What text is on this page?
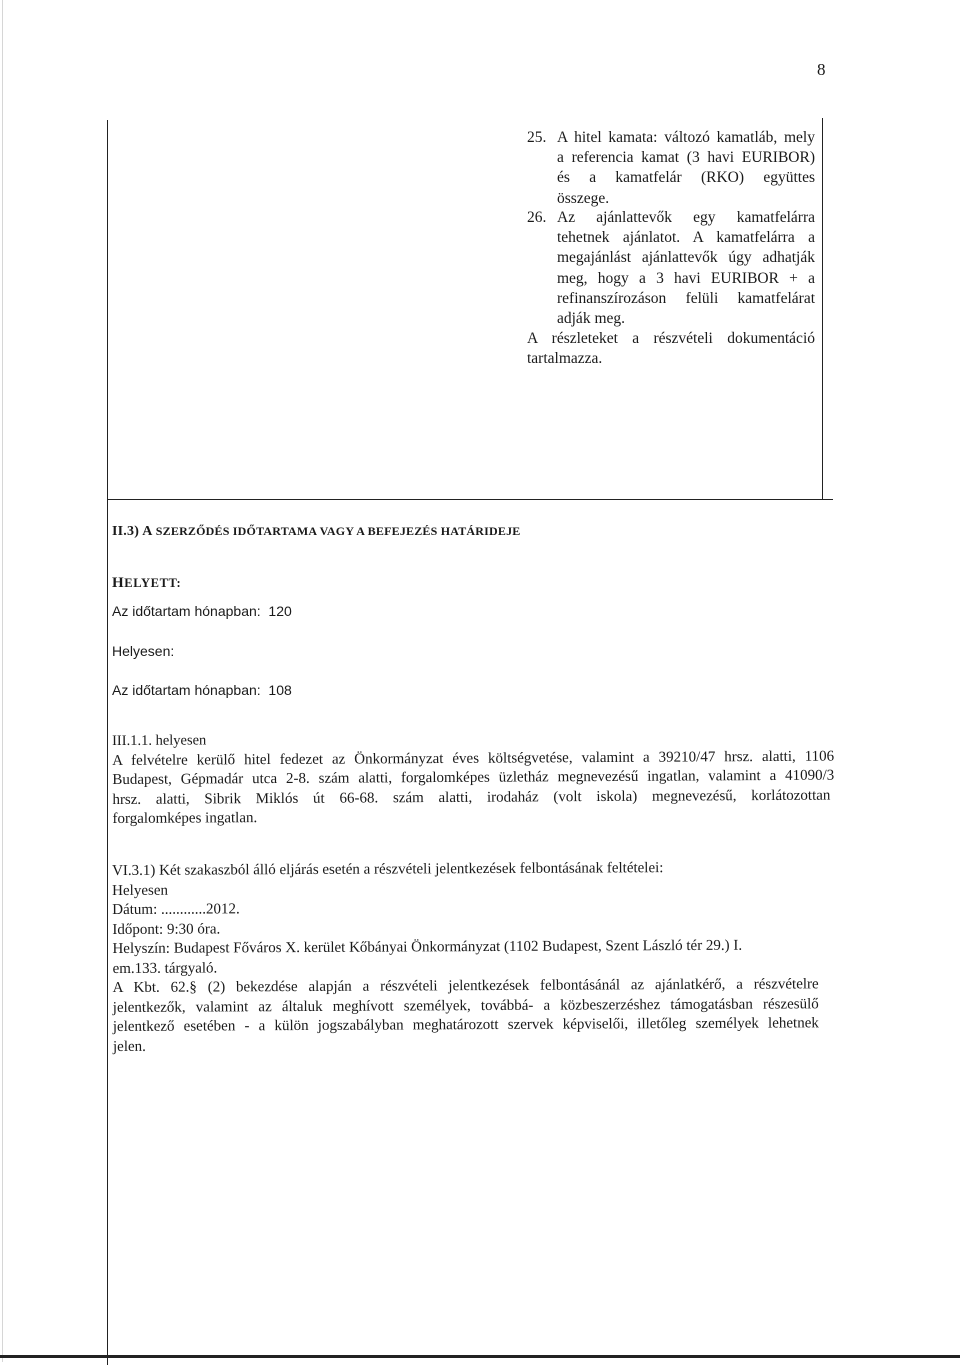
8
25. A hitel kamata: változó kamatláb, mely
a referencia kamat (3 havi EURIBOR)
és a kamatfelár (RKO) együttes
összege.
26. Az ajánlattevők egy kamatfelárra
tehetnek ajánlatot. A kamatfelárra a
megajánlást ajánlattevők úgy adhatják
meg, hogy a 3 havi EURIBOR + a
refinanszírozáson felüli kamatfelárat
adják meg.
A részleteket a részvételi dokumentáció
tartalmazza.
II.3) A SZERZŐDÉS IDŐTARTAMA VAGY A BEFEJEZÉS HATÁRIDEJE
HELYETT:
Az időtartam hónapban:  120
Helyesen:
Az időtartam hónapban:  108
III.1.1. helyesen
A felvételre kerülő hitel fedezet az Önkormányzat éves költségvetése, valamint a 39210/47 hrsz. alatti, 1106
Budapest, Gépmadár utca 2-8. szám alatti, forgalomképes üzletház megnevezésű ingatlan, valamint a 41090/3
hrsz. alatti, Sibrik Miklós út 66-68. szám alatti, irodaház (volt iskola) megnevezésű, korlátozottan
forgalomképes ingatlan.
VI.3.1) Két szakaszból álló eljárás esetén a részvételi jelentkezések felbontásának feltételei:
Helyesen
Dátum: ............2012.
Időpont: 9:30 óra.
Helyszín: Budapest Főváros X. kerület Kőbányai Önkormányzat (1102 Budapest, Szent László tér 29.) I.
em.133. tárgyaló.
A Kbt. 62.§ (2) bekezdése alapján a részvételi jelentkezések felbontásánál az ajánlatkérő, a részvételre
jelentkezők, valamint az általuk meghívott személyek, továbbá- a közbeszerzéshez támogatásban részesülő
jelentkező esetében - a külön jogszabályban meghatározott szervek képviselői, illetőleg személyek lehetnek
jelen.
